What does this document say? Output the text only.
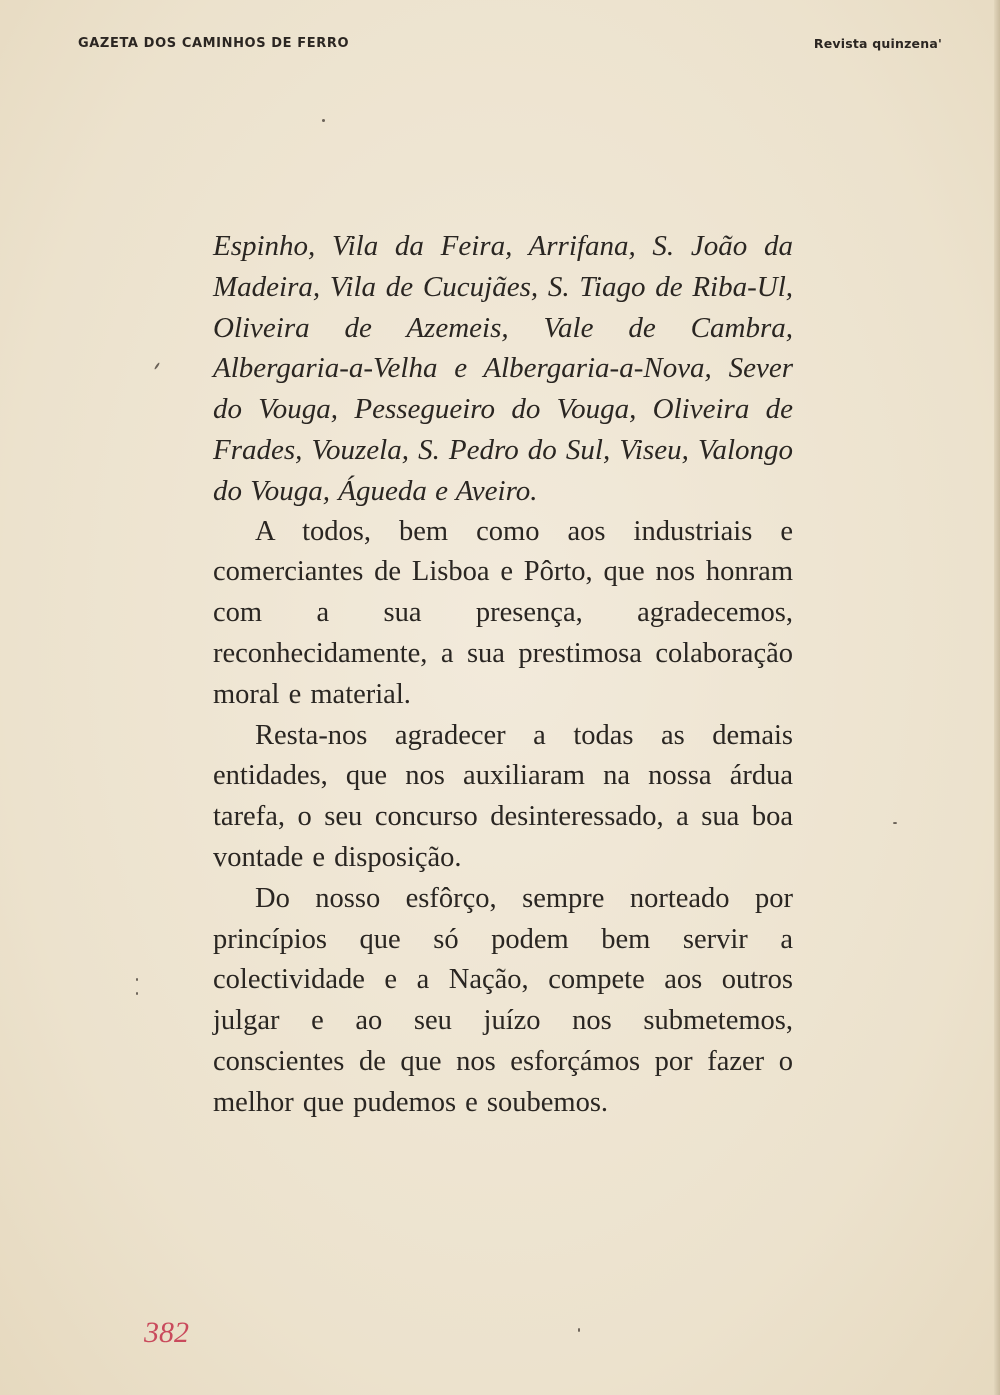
GAZETA DOS CAMINHOS DE FERRO	Revista quinzena'

Espinho, Vila da Feira, Arrifana, S. João da Madeira, Vila de Cucujães, S. Tiago de Riba-Ul, Oliveira de Azemeis, Vale de Cambra, Albergaria-a-Velha e Albergaria-a-Nova, Sever do Vouga, Pessegueiro do Vouga, Oliveira de Frades, Vouzela, S. Pedro do Sul, Viseu, Valongo do Vouga, Águeda e Aveiro.

A todos, bem como aos industriais e comerciantes de Lisboa e Pôrto, que nos honram com a sua presença, agradecemos, reconhecidamente, a sua prestimosa colaboração moral e material.

Resta-nos agradecer a todas as demais entidades, que nos auxiliaram na nossa árdua tarefa, o seu concurso desinteressado, a sua boa vontade e disposição.

Do nosso esfôrço, sempre norteado por princípios que só podem bem servir a colectividade e a Nação, compete aos outros julgar e ao seu juízo nos submetemos, conscientes de que nos esforçámos por fazer o melhor que pudemos e soubemos.

382
